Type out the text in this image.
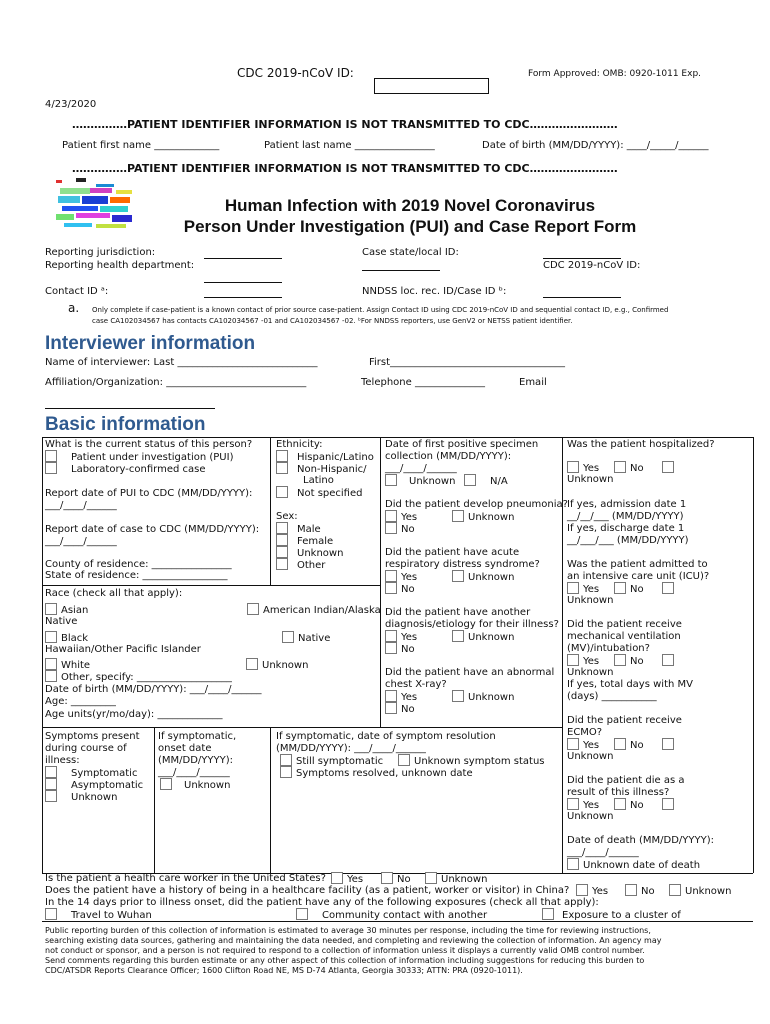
CDC 2019-nCoV ID:	Form Approved: OMB: 0920-1011 Exp.
4/23/2020
……………PATIENT IDENTIFIER INFORMATION IS NOT TRANSMITTED TO CDC……………………
Patient first name _____________	Patient last name ________________	Date of birth (MM/DD/YYYY): ____/_____/______
……………PATIENT IDENTIFIER INFORMATION IS NOT TRANSMITTED TO CDC……………………
Human Infection with 2019 Novel Coronavirus
Person Under Investigation (PUI) and Case Report Form
Reporting jurisdiction:
Reporting health department:
Case state/local ID:
CDC 2019-nCoV ID:
Contact ID ᵃ:	NNDSS loc. rec. ID/Case ID ᵇ:
a. Only complete if case-patient is a known contact of prior source case-patient. Assign Contact ID using CDC 2019-nCoV ID and sequential contact ID, e.g., Confirmed
case CA102034567 has contacts CA102034567 -01 and CA102034567 -02. ᵇFor NNDSS reporters, use GenV2 or NETSS patient identifier.
Interviewer information
Name of interviewer: Last ____________________________	First___________________________________
Affiliation/Organization: ____________________________	Telephone ______________	Email
Basic information
What is the current status of this person?
Patient under investigation (PUI)
Laboratory-confirmed case
Report date of PUI to CDC (MM/DD/YYYY):
___/____/______
Report date of case to CDC (MM/DD/YYYY):
___/____/______
County of residence: ________________
State of residence: _________________
Ethnicity:
Hispanic/Latino
Non-Hispanic/
Latino
Not specified
Sex:
Male
Female
Unknown
Other
Race (check all that apply):
Asian	American Indian/Alaska
Native
Black	Native
Hawaiian/Other Pacific Islander
White	Unknown
Other, specify: ___________________
Date of birth (MM/DD/YYYY): ___/____/______
Age: _________
Age units(yr/mo/day): _____________
Date of first positive specimen
collection (MM/DD/YYYY):
___/____/______
Unknown	N/A
Did the patient develop pneumonia?
Yes	Unknown
No
Did the patient have acute
respiratory distress syndrome?
Yes	Unknown
No
Did the patient have another
diagnosis/etiology for their illness?
Yes	Unknown
No
Did the patient have an abnormal
chest X-ray?
Yes	Unknown
No
Was the patient hospitalized?
Yes	No
Unknown
If yes, admission date 1
__/__/___ (MM/DD/YYYY)
If yes, discharge date 1
__/___/___ (MM/DD/YYYY)
Was the patient admitted to
an intensive care unit (ICU)?
Yes	No
Unknown
Did the patient receive
mechanical ventilation
(MV)/intubation?
Yes	No
Unknown
If yes, total days with MV
(days) ___________
Did the patient receive
ECMO?
Yes	No
Unknown
Did the patient die as a
result of this illness?
Yes	No
Unknown
Date of death (MM/DD/YYYY):
___/____/______
Unknown date of death
Symptoms present
during course of
illness:
Symptomatic
Asymptomatic
Unknown
If symptomatic,
onset date
(MM/DD/YYYY):
___/____/______
Unknown
If symptomatic, date of symptom resolution
(MM/DD/YYYY): ___/____/______
Still symptomatic	Unknown symptom status
Symptoms resolved, unknown date
Is the patient a health care worker in the United States?	Yes	No	Unknown
Does the patient have a history of being in a healthcare facility (as a patient, worker or visitor) in China?	Yes	No	Unknown
In the 14 days prior to illness onset, did the patient have any of the following exposures (check all that apply):
Travel to Wuhan	Community contact with another	Exposure to a cluster of
Public reporting burden of this collection of information is estimated to average 30 minutes per response, including the time for reviewing instructions,
searching existing data sources, gathering and maintaining the data needed, and completing and reviewing the collection of information. An agency may
not conduct or sponsor, and a person is not required to respond to a collection of information unless it displays a currently valid OMB control number.
Send comments regarding this burden estimate or any other aspect of this collection of information including suggestions for reducing this burden to
CDC/ATSDR Reports Clearance Officer; 1600 Clifton Road NE, MS D-74 Atlanta, Georgia 30333; ATTN: PRA (0920-1011).
